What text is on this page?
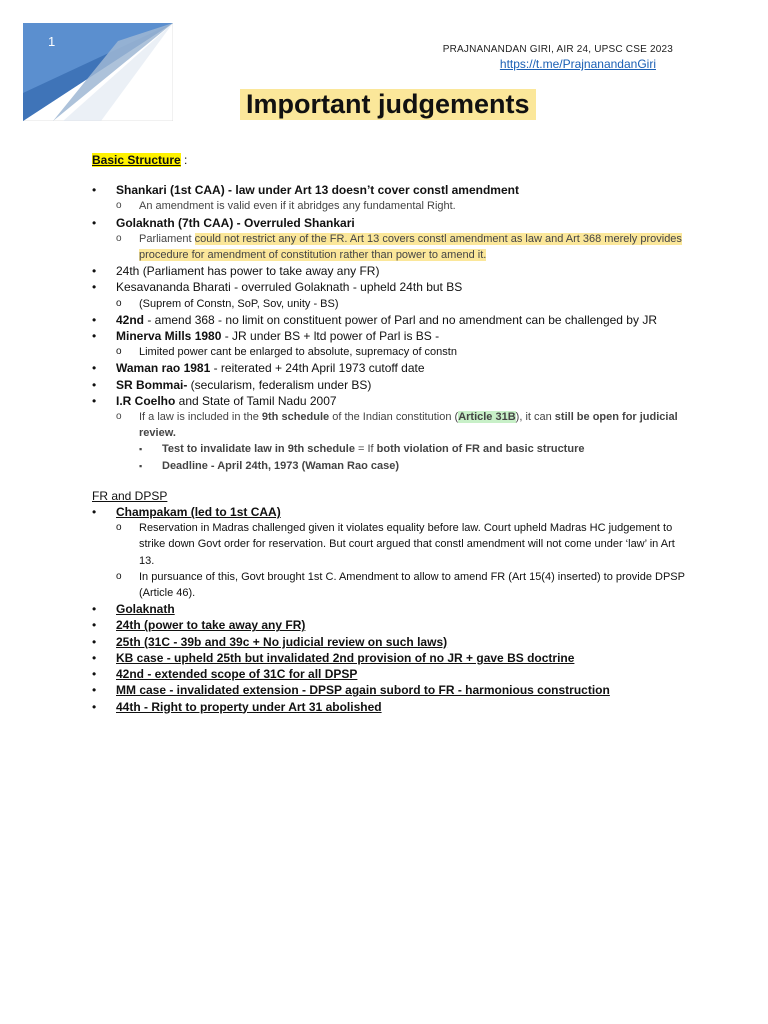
1
PRAJNANANDAN GIRI, AIR 24, UPSC CSE 2023
https://t.me/PrajnanandanGiri
Important judgements
Basic Structure :
• Shankari (1st CAA) - law under Art 13 doesn’t cover constl amendment
o An amendment is valid even if it abridges any fundamental Right.
• Golaknath (7th CAA) - Overruled Shankari
o Parliament could not restrict any of the FR. Art 13 covers constl amendment as law and Art 368 merely provides procedure for amendment of constitution rather than power to amend it.
• 24th (Parliament has power to take away any FR)
• Kesavananda Bharati - overruled Golaknath - upheld 24th but BS
o (Suprem of Constn, SoP, Sov, unity - BS)
• 42nd - amend 368 - no limit on constituent power of Parl and no amendment can be challenged by JR
• Minerva Mills 1980 - JR under BS + ltd power of Parl is BS -
o Limited power cant be enlarged to absolute, supremacy of constn
• Waman rao 1981 - reiterated + 24th April 1973 cutoff date
• SR Bommai- (secularism, federalism under BS)
• I.R Coelho and State of Tamil Nadu 2007
o If a law is included in the 9th schedule of the Indian constitution (Article 31B), it can still be open for judicial review.
▪ Test to invalidate law in 9th schedule = If both violation of FR and basic structure
▪ Deadline - April 24th, 1973 (Waman Rao case)
FR and DPSP
• Champakam (led to 1st CAA)
o Reservation in Madras challenged given it violates equality before law. Court upheld Madras HC judgement to strike down Govt order for reservation. But court argued that constl amendment will not come under ‘law’ in Art 13.
o In pursuance of this, Govt brought 1st C. Amendment to allow to amend FR (Art 15(4) inserted) to provide DPSP (Article 46).
• Golaknath
• 24th (power to take away any FR)
• 25th (31C - 39b and 39c + No judicial review on such laws)
• KB case - upheld 25th but invalidated 2nd provision of no JR + gave BS doctrine
• 42nd - extended scope of 31C for all DPSP
• MM case - invalidated extension - DPSP again subord to FR - harmonious construction
• 44th - Right to property under Art 31 abolished
